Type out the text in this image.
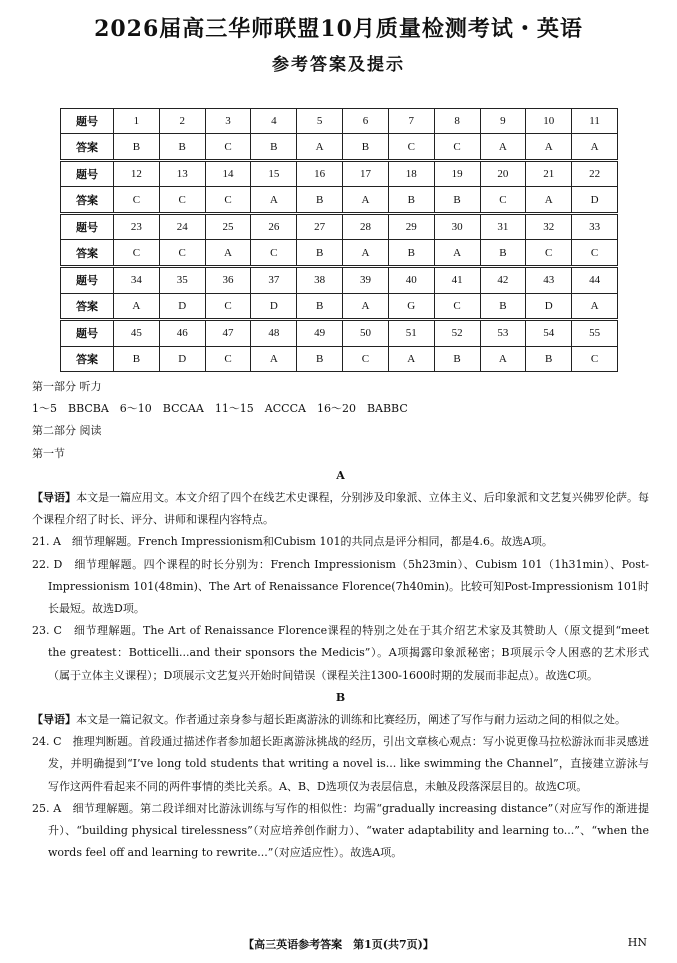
2026届高三华师联盟10月质量检测考试・英语
参考答案及提示
题号	1	2	3	4	5	6	7	8	9	10	11
答案	B	B	C	B	A	B	C	C	A	A	A
题号	12	13	14	15	16	17	18	19	20	21	22
答案	C	C	C	A	B	A	B	B	C	A	D
题号	23	24	25	26	27	28	29	30	31	32	33
答案	C	C	A	C	B	A	B	A	B	C	C
题号	34	35	36	37	38	39	40	41	42	43	44
答案	A	D	C	D	B	A	G	C	B	D	A
题号	45	46	47	48	49	50	51	52	53	54	55
答案	B	D	C	A	B	C	A	B	A	B	C

第一部分 听力

1～5　BBCBA　6～10　BCCAA　11～15　ACCCA　16～20　BABBC

第二部分 阅读

第一节

A

【导语】本文是一篇应用文。本文介绍了四个在线艺术史课程，分别涉及印象派、立体主义、后印象派和文艺复兴佛罗伦萨。每个课程介绍了时长、评分、讲师和课程内容特点。

21. A　细节理解题。French Impressionism和Cubism 101的共同点是评分相同，都是4.6。故选A项。

22. D　细节理解题。四个课程的时长分别为：French Impressionism（5h23min）、Cubism 101（1h31min）、Post-Impressionism 101(48min)、The Art of Renaissance Florence(7h40min)。比较可知Post-Impressionism 101时长最短。故选D项。

23. C　细节理解题。The Art of Renaissance Florence课程的特别之处在于其介绍艺术家及其赞助人（原文提到“meet the greatest：Botticelli...and their sponsors the Medicis”）。A项揭露印象派秘密；B项展示令人困惑的艺术形式（属于立体主义课程）；D项展示文艺复兴开始时间错误（课程关注1300-1600时期的发展而非起点）。故选C项。

B

【导语】本文是一篇记叙文。作者通过亲身参与超长距离游泳的训练和比赛经历，阐述了写作与耐力运动之间的相似之处。

24. C　推理判断题。首段通过描述作者参加超长距离游泳挑战的经历，引出文章核心观点：写小说更像马拉松游泳而非灵感迸发，并明确提到“I’ve long told students that writing a novel is... like swimming the Channel”，直接建立游泳与写作这两件看起来不同的两件事情的类比关系。A、B、D选项仅为表层信息，未触及段落深层目的。故选C项。

25. A　细节理解题。第二段详细对比游泳训练与写作的相似性：均需“gradually increasing distance”（对应写作的渐进提升）、“building physical tirelessness”（对应培养创作耐力）、“water adaptability and learning to...”、“when the words feel off and learning to rewrite...”（对应适应性）。故选A项。

【高三英语参考答案　第1页(共7页)】	HN
